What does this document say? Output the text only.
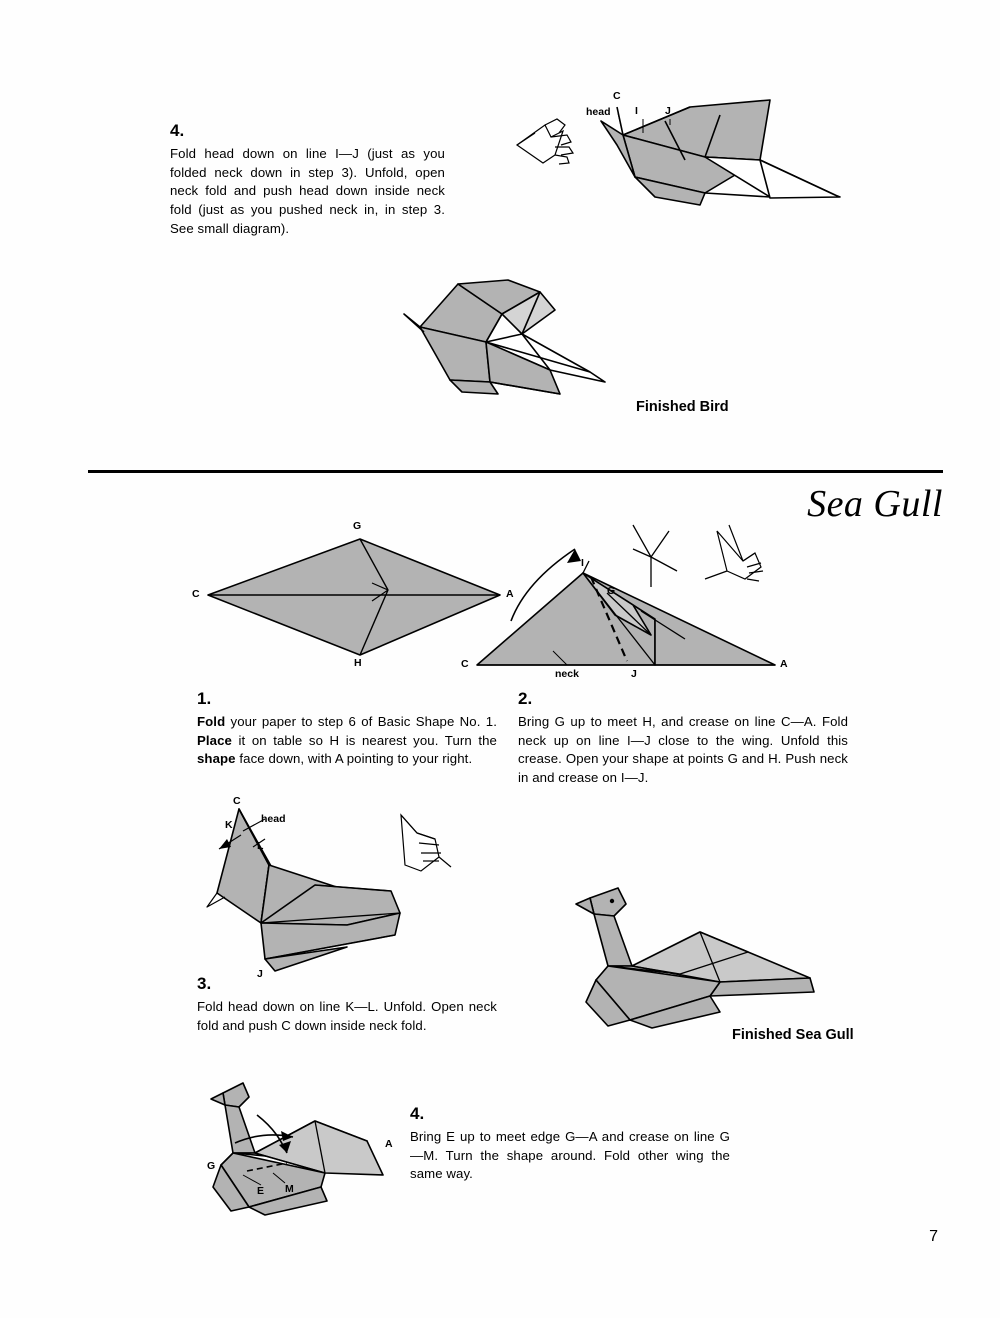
4.
Fold head down on line I—J (just as you folded neck down in step 3). Unfold, open neck fold and push head down inside neck fold (just as you pushed neck in, in step 3. See small diagram).
C
head I	J
Finished Bird
Sea Gull
G
C	A
H
I
G
C	A
J
neck
1.
Fold your paper to step 6 of Basic Shape No. 1. Place it on table so H is nearest you. Turn the shape face down, with A pointing to your right.
2.
Bring G up to meet H, and crease on line C—A. Fold neck up on line I—J close to the wing. Unfold this crease. Open your shape at points G and H. Push neck in and crease on I—J.
C
head
K
L
J
3.
Fold head down on line K—L. Unfold. Open neck fold and push C down inside neck fold.
Finished Sea Gull
G
A
E M
4.
Bring E up to meet edge G—A and crease on line G—M. Turn the shape around. Fold other wing the same way.
7
